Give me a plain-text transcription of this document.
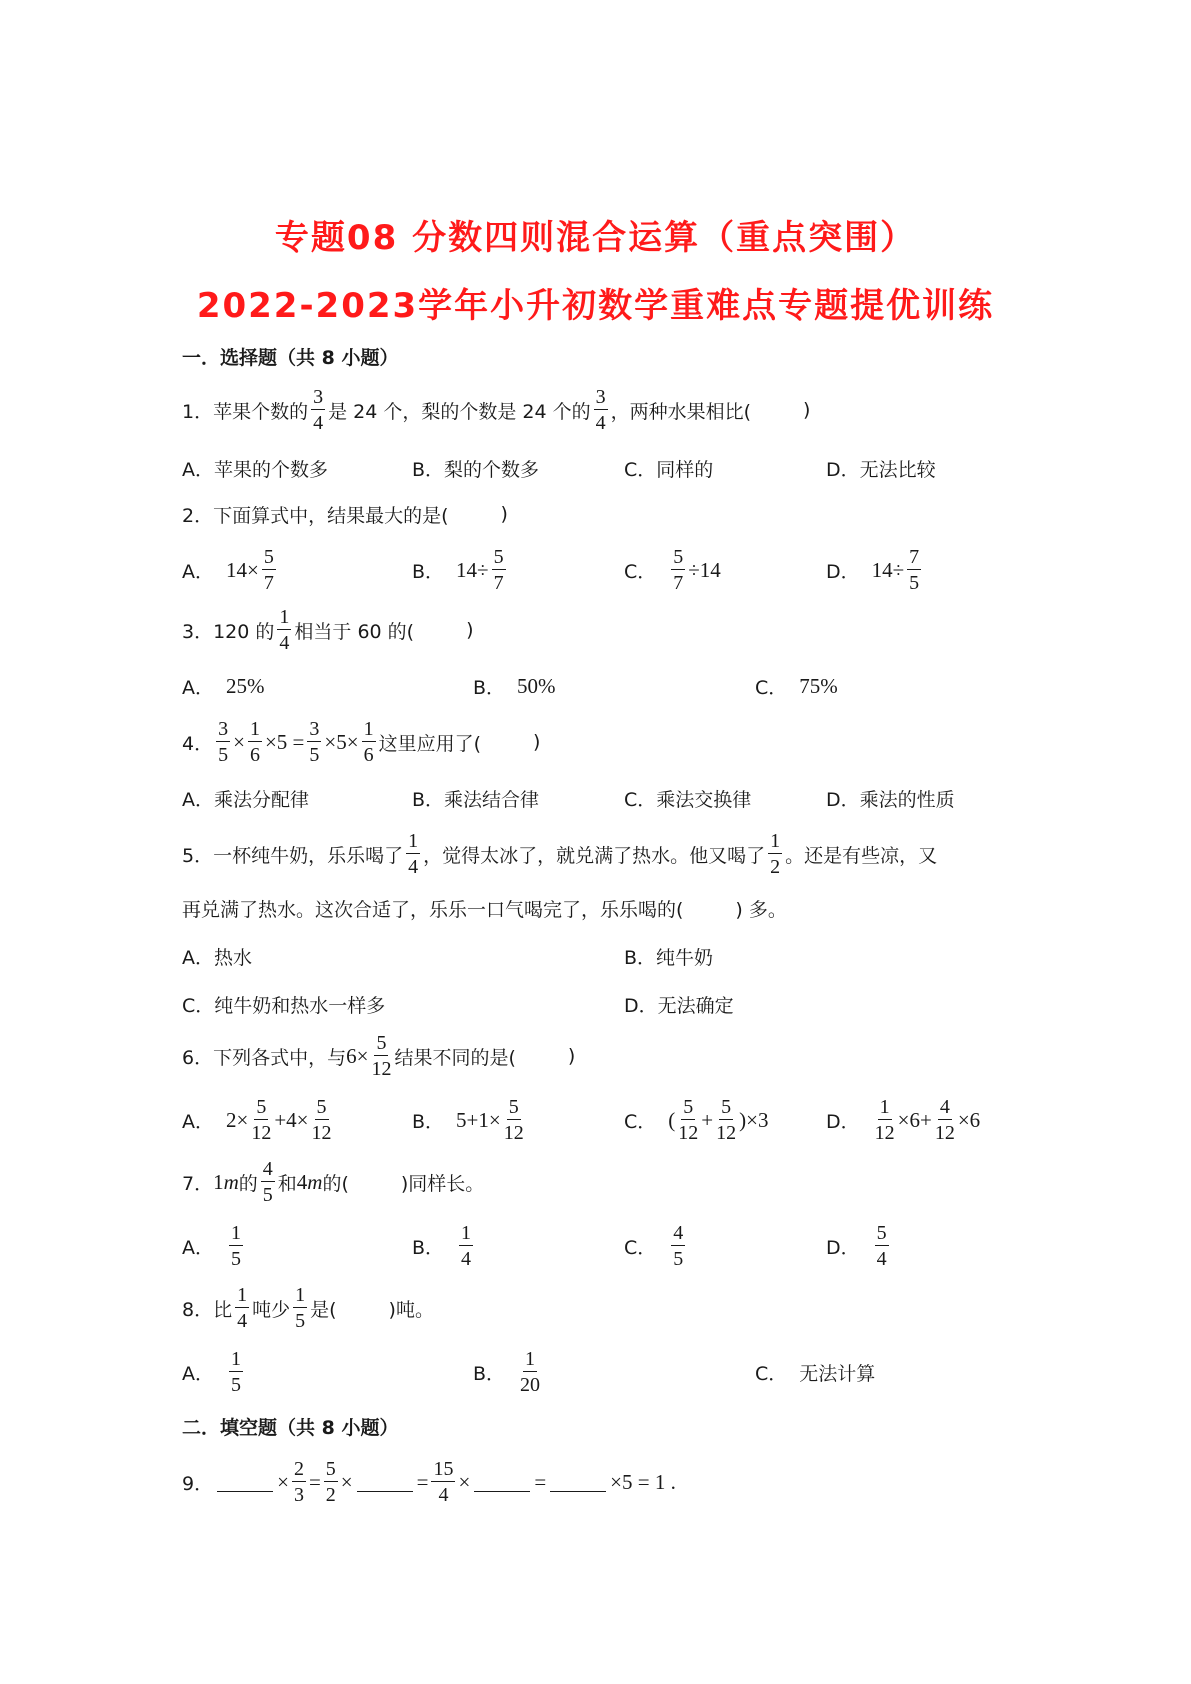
专题08 分数四则混合运算（重点突围）
2022-2023学年小升初数学重难点专题提优训练
一．选择题（共 8 小题）
1． 苹果个数的 $\frac{3}{4}$ 是 24 个，梨的个数是 24 个的 $\frac{3}{4}$ ，两种水果相比(	)
A．苹果的个数多	B．梨的个数多	C．同样的	D．无法比较
2． 下面算式中，结果最大的是(	)
A． $14\times \frac{5}{7}$	B． $14\div \frac{5}{7}$	C． $\frac{5}{7} \div 14$	D． $14\div \frac{7}{5}$
3． 120 的 $\frac{1}{4}$ 相当于 60 的(	)
A． 25%	B． 50%	C． 75%
4． $\frac{3}{5} \times \frac{1}{6} \times 5 = \frac{3}{5} \times 5\times \frac{1}{6}$ 这里应用了(	)
A．乘法分配律	B．乘法结合律	C．乘法交换律	D．乘法的性质
5． 一杯纯牛奶，乐乐喝了 $\frac{1}{4}$ ，觉得太冰了，就兑满了热水。他又喝了 $\frac{1}{2}$ 。还是有些凉，又
再兑满了热水。这次合适了，乐乐一口气喝完了，乐乐喝的(	) 多。
A．热水	B．纯牛奶
C．纯牛奶和热水一样多	D．无法确定
6． 下列各式中，与 $6\times \frac{5}{12}$ 结果不同的是(	)
A． $2\times \frac{5}{12} +4\times \frac{5}{12}$	B． $5+1\times \frac{5}{12}$	C． ( $\frac{5}{12} + \frac{5}{12} )\times 3$	D． $\frac{1}{12} \times 6+ \frac{4}{12} \times 6$
7． 1 m 的 $\frac{4}{5}$ 和 4 m 的(	)同样长。
A． $\frac{1}{5}$	B． $\frac{1}{4}$	C． $\frac{4}{5}$	D． $\frac{5}{4}$
8． 比 $\frac{1}{4}$ 吨少 $\frac{1}{5}$ 是(	)吨。
A． $\frac{1}{5}$	B． $\frac{1}{20}$	C． 无法计算
二．填空题（共 8 小题）
9．	× $\frac{2}{3} = \frac{5}{2}$ ×	= $\frac{15}{4}$ ×	=	×5 = 1 .
